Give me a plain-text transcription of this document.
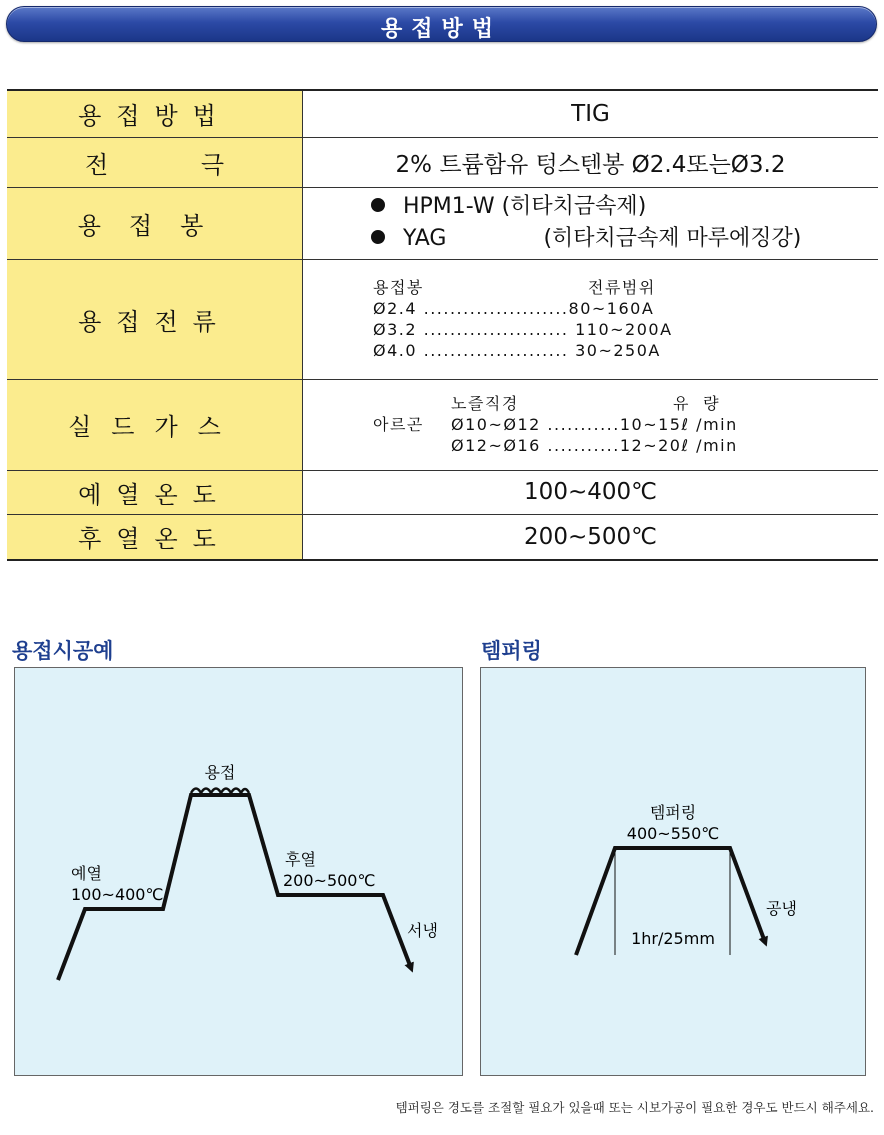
용접방법
용접방법	TIG

전 극	2% 트륨함유 텅스텐봉 Ø2.4또는Ø3.2
용접봉	HPM1-W (히타치금속제)
YAG (히타치금속제 마루에징강)

용접전류	용접봉 전류범위
Ø2.4 ......................80~160A
Ø3.2 ...................... 110~200A
Ø4.0 ...................... 30~250A

실드가스	노즐직경 유  량
아르곤 Ø10~Ø12 ...........10~15ℓ /min
Ø12~Ø16 ...........12~20ℓ /min

예열온도	100~400℃
후열온도	200~500℃
용접시공예
용접
예열
100~400℃
후열
200~500℃
서냉
템퍼링
템퍼링
400~550℃
1hr/25mm
공냉
템퍼링은 경도를 조절할 필요가 있을때 또는 시보가공이 필요한 경우도 반드시 해주세요.
